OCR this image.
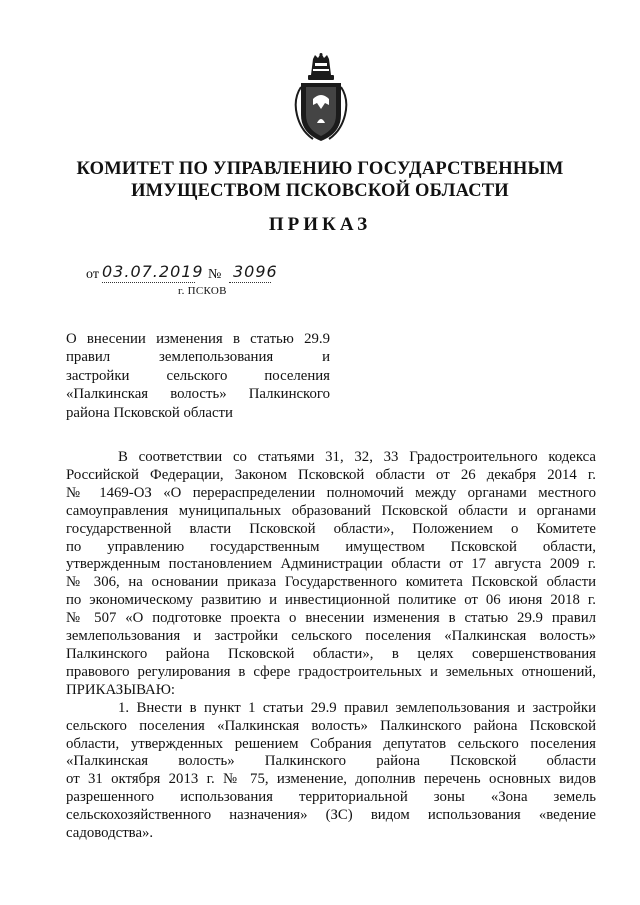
КОМИТЕТ ПО УПРАВЛЕНИЮ ГОСУДАРСТВЕННЫМ
ИМУЩЕСТВОМ ПСКОВСКОЙ ОБЛАСТИ
ПРИКАЗ
от 03.07.2019 № 3096
г. ПСКОВ
О внесении изменения в статью 29.9
правил землепользования и
застройки сельского поселения
«Палкинская волость» Палкинского
района Псковской области
В соответствии со статьями 31, 32, 33 Градостроительного кодекса
Российской Федерации, Законом Псковской области от 26 декабря 2014 г.
№ 1469-ОЗ «О перераспределении полномочий между органами местного
самоуправления муниципальных образований Псковской области и органами
государственной власти Псковской области», Положением о Комитете
по управлению государственным имуществом Псковской области,
утвержденным постановлением Администрации области от 17 августа 2009 г.
№ 306, на основании приказа Государственного комитета Псковской области
по экономическому развитию и инвестиционной политике от 06 июня 2018 г.
№ 507 «О подготовке проекта о внесении изменения в статью 29.9 правил
землепользования и застройки сельского поселения «Палкинская волость»
Палкинского района Псковской области», в целях совершенствования
правового регулирования в сфере градостроительных и земельных отношений,
ПРИКАЗЫВАЮ:
1. Внести в пункт 1 статьи 29.9 правил землепользования и застройки
сельского поселения «Палкинская волость» Палкинского района Псковской
области, утвержденных решением Собрания депутатов сельского поселения
«Палкинская волость» Палкинского района Псковской области
от 31 октября 2013 г. № 75, изменение, дополнив перечень основных видов
разрешенного использования территориальной зоны «Зона земель
сельскохозяйственного назначения» (ЗС) видом использования «ведение
садоводства».
